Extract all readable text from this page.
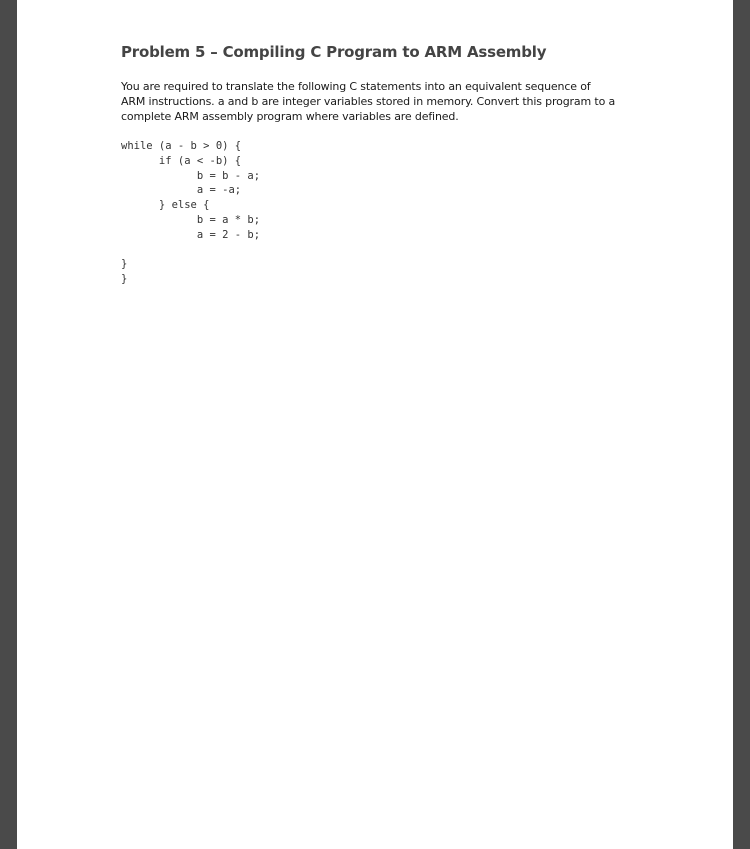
Problem 5 – Compiling C Program to ARM Assembly

You are required to translate the following C statements into an equivalent sequence of

ARM instructions. a and b are integer variables stored in memory. Convert this program to a

complete ARM assembly program where variables are defined.

while (a - b > 0) {
if (a < -b) {
b = b - a;
a = -a;
} else {
b = a * b;
a = 2 - b;
}
}
